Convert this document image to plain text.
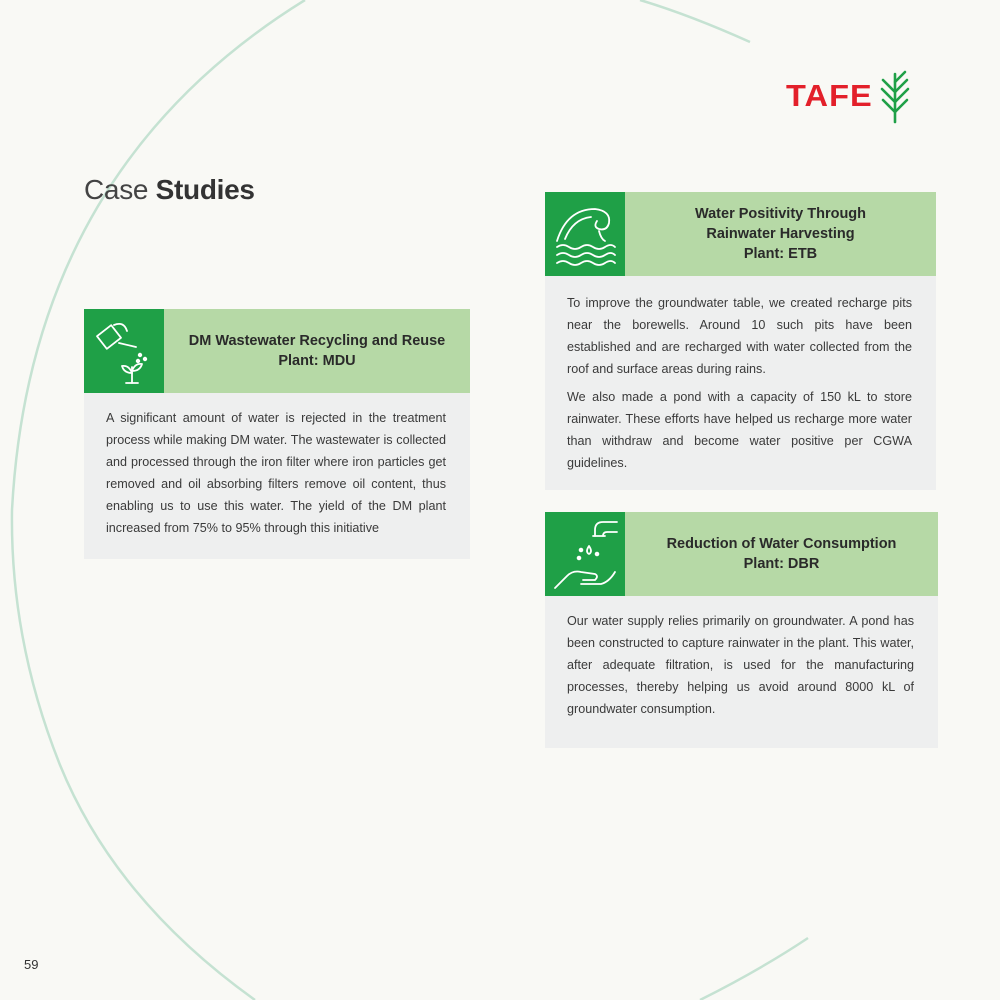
TAFE
Case Studies
DM Wastewater Recycling and Reuse
Plant: MDU

A significant amount of water is rejected in the treatment process while making DM water. The wastewater is collected and processed through the iron filter where iron particles get removed and oil absorbing filters remove oil content, thus enabling us to use this water. The yield of the DM plant increased from 75% to 95% through this initiative

Water Positivity Through
Rainwater Harvesting
Plant: ETB

To improve the groundwater table, we created recharge pits near the borewells. Around 10 such pits have been established and are recharged with water collected from the roof and surface areas during rains.

We also made a pond with a capacity of 150 kL to store rainwater. These efforts have helped us recharge more water than withdraw and become water positive per CGWA guidelines.

Reduction of Water Consumption
Plant: DBR

Our water supply relies primarily on groundwater. A pond has been constructed to capture rainwater in the plant. This water, after adequate filtration, is used for the manufacturing processes, thereby helping us avoid around 8000 kL of groundwater consumption.

59
